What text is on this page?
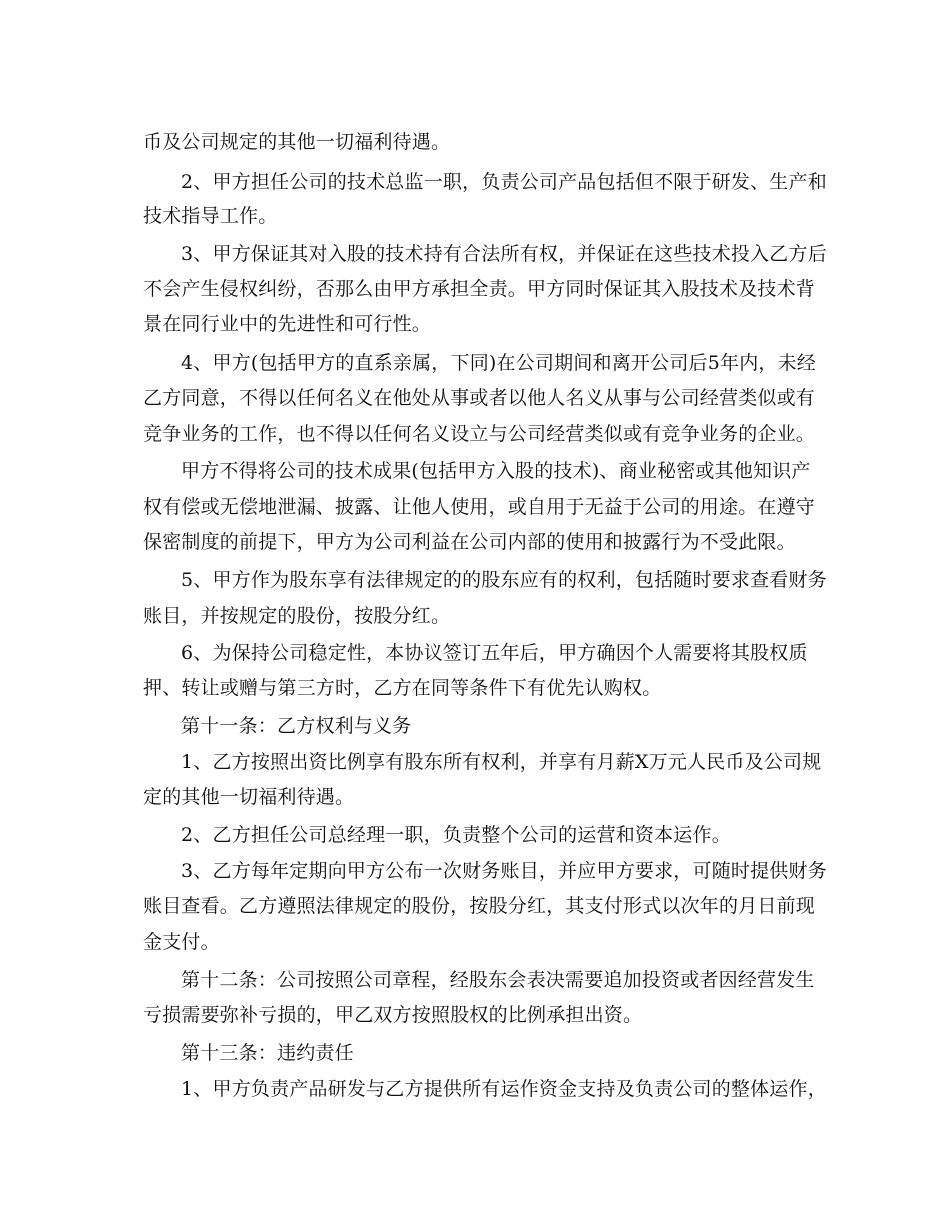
币及公司规定的其他一切福利待遇。
2、甲方担任公司的技术总监一职，负责公司产品包括但不限于研发、生产和
技术指导工作。
3、甲方保证其对入股的技术持有合法所有权，并保证在这些技术投入乙方后
不会产生侵权纠纷，否那么由甲方承担全责。甲方同时保证其入股技术及技术背
景在同行业中的先进性和可行性。
4、甲方(包括甲方的直系亲属，下同)在公司期间和离开公司后5年内，未经
乙方同意，不得以任何名义在他处从事或者以他人名义从事与公司经营类似或有
竞争业务的工作，也不得以任何名义设立与公司经营类似或有竞争业务的企业。
甲方不得将公司的技术成果(包括甲方入股的技术)、商业秘密或其他知识产
权有偿或无偿地泄漏、披露、让他人使用，或自用于无益于公司的用途。在遵守
保密制度的前提下，甲方为公司利益在公司内部的使用和披露行为不受此限。
5、甲方作为股东享有法律规定的的股东应有的权利，包括随时要求查看财务
账目，并按规定的股份，按股分红。
6、为保持公司稳定性，本协议签订五年后，甲方确因个人需要将其股权质
押、转让或赠与第三方时，乙方在同等条件下有优先认购权。
第十一条：乙方权利与义务
1、乙方按照出资比例享有股东所有权利，并享有月薪X万元人民币及公司规
定的其他一切福利待遇。
2、乙方担任公司总经理一职，负责整个公司的运营和资本运作。
3、乙方每年定期向甲方公布一次财务账目，并应甲方要求，可随时提供财务
账目查看。乙方遵照法律规定的股份，按股分红，其支付形式以次年的月日前现
金支付。
第十二条：公司按照公司章程，经股东会表决需要追加投资或者因经营发生
亏损需要弥补亏损的，甲乙双方按照股权的比例承担出资。
第十三条：违约责任
1、甲方负责产品研发与乙方提供所有运作资金支持及负责公司的整体运作，
